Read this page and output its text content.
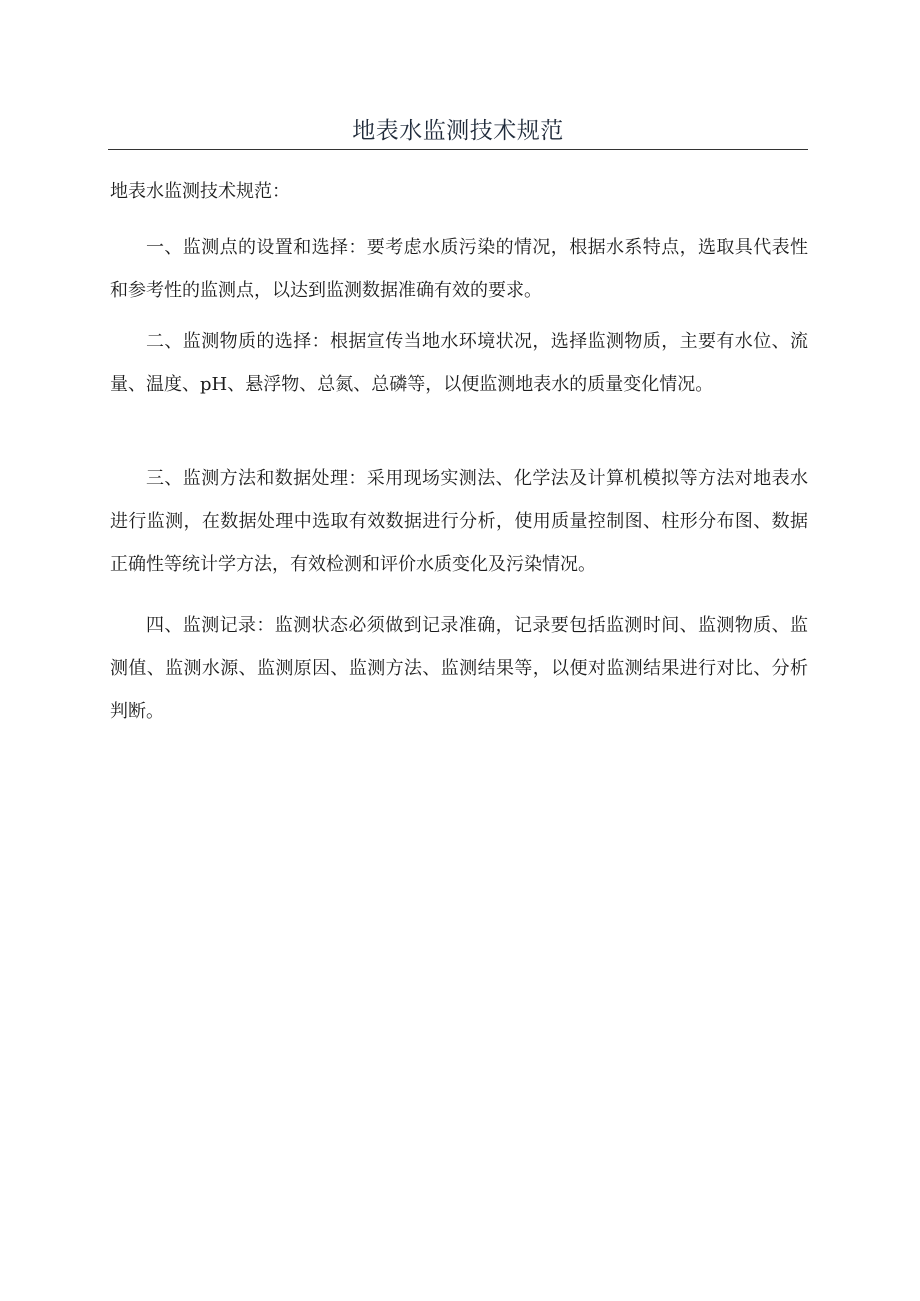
地表水监测技术规范
地表水监测技术规范：

一、监测点的设置和选择：要考虑水质污染的情况，根据水系特点，选取具代表性和参考性的监测点，以达到监测数据准确有效的要求。

二、监测物质的选择：根据宣传当地水环境状况，选择监测物质，主要有水位、流量、温度、pH、悬浮物、总氮、总磷等，以便监测地表水的质量变化情况。

三、监测方法和数据处理：采用现场实测法、化学法及计算机模拟等方法对地表水进行监测，在数据处理中选取有效数据进行分析，使用质量控制图、柱形分布图、数据正确性等统计学方法，有效检测和评价水质变化及污染情况。

四、监测记录：监测状态必须做到记录准确，记录要包括监测时间、监测物质、监测值、监测水源、监测原因、监测方法、监测结果等，以便对监测结果进行对比、分析判断。
